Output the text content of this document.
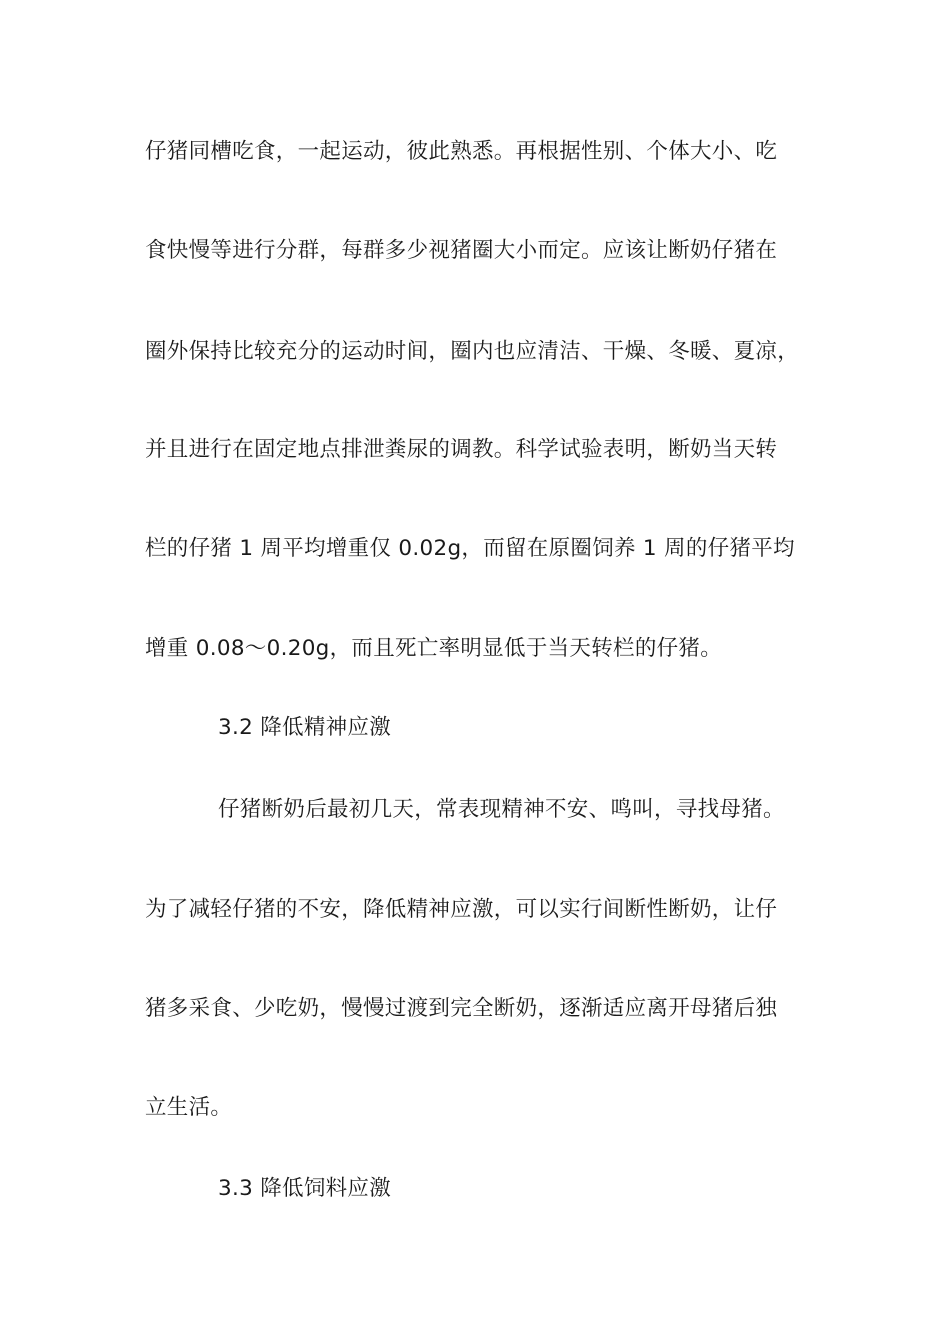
仔猪同槽吃食，一起运动，彼此熟悉。再根据性别、个体大小、吃
食快慢等进行分群，每群多少视猪圈大小而定。应该让断奶仔猪在
圈外保持比较充分的运动时间，圈内也应清洁、干燥、冬暖、夏凉，
并且进行在固定地点排泄粪尿的调教。科学试验表明，断奶当天转
栏的仔猪 1 周平均增重仅 0.02g，而留在原圈饲养 1 周的仔猪平均
增重 0.08～0.20g，而且死亡率明显低于当天转栏的仔猪。
3.2 降低精神应激
仔猪断奶后最初几天，常表现精神不安、鸣叫，寻找母猪。
为了减轻仔猪的不安，降低精神应激，可以实行间断性断奶，让仔
猪多采食、少吃奶，慢慢过渡到完全断奶，逐渐适应离开母猪后独
立生活。
3.3 降低饲料应激
